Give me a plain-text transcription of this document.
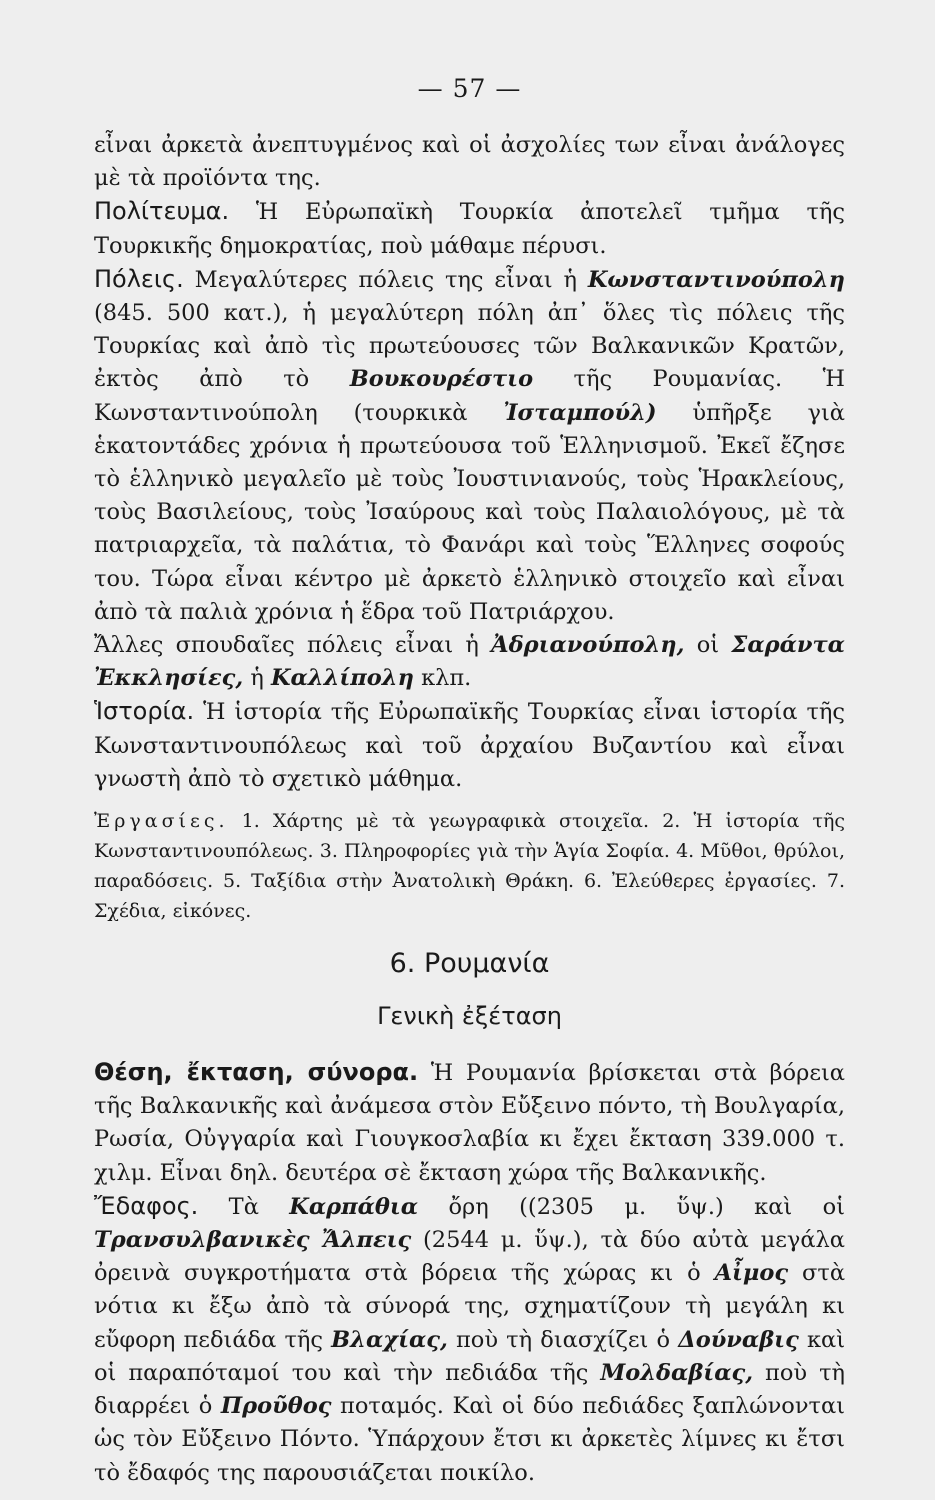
— 57 —

εἶναι ἀρκετὰ ἀνεπτυγμένος καὶ οἱ ἀσχολίες των εἶναι ἀνάλογες μὲ τὰ προϊόντα της.

Πολίτευμα. Ἡ Εὐρωπαϊκὴ Τουρκία ἀποτελεῖ τμῆμα τῆς Τουρκικῆς δημοκρατίας, ποὺ μάθαμε πέρυσι.

Πόλεις. Μεγαλύτερες πόλεις της εἶναι ἡ Κωνσταντινούπολη (845. 500 κατ.), ἡ μεγαλύτερη πόλη ἀπ᾿ ὅλες τὶς πόλεις τῆς Τουρκίας καὶ ἀπὸ τὶς πρωτεύουσες τῶν Βαλκανικῶν Κρατῶν, ἐκτὸς ἀπὸ τὸ Βουκουρέστιο τῆς Ρουμανίας. Ἡ Κωνσταντινούπολη (τουρκικὰ Ἰσταμπούλ) ὑπῆρξε γιὰ ἑκατοντάδες χρόνια ἡ πρωτεύουσα τοῦ Ἑλληνισμοῦ. Ἐκεῖ ἔζησε τὸ ἑλληνικὸ μεγαλεῖο μὲ τοὺς Ἰουστινιανούς, τοὺς Ἡρακλείους, τοὺς Βασιλείους, τοὺς Ἰσαύρους καὶ τοὺς Παλαιολόγους, μὲ τὰ πατριαρχεῖα, τὰ παλάτια, τὸ Φανάρι καὶ τοὺς Ἕλληνες σοφούς του. Τώρα εἶναι κέντρο μὲ ἀρκετὸ ἑλληνικὸ στοιχεῖο καὶ εἶναι ἀπὸ τὰ παλιὰ χρόνια ἡ ἕδρα τοῦ Πατριάρχου.

Ἄλλες σπουδαῖες πόλεις εἶναι ἡ Ἀδριανούπολη, οἱ Σαράντα Ἐκκλησίες, ἡ Καλλίπολη κλπ.

Ἱστορία. Ἡ ἱστορία τῆς Εὐρωπαϊκῆς Τουρκίας εἶναι ἱστορία τῆς Κωνσταντινουπόλεως καὶ τοῦ ἀρχαίου Βυζαντίου καὶ εἶναι γνωστὴ ἀπὸ τὸ σχετικὸ μάθημα.

Ἐργασίες. 1. Χάρτης μὲ τὰ γεωγραφικὰ στοιχεῖα. 2. Ἡ ἱστορία τῆς Κωνσταντινουπόλεως. 3. Πληροφορίες γιὰ τὴν Ἁγία Σοφία. 4. Μῦθοι, θρύλοι, παραδόσεις. 5. Ταξίδια στὴν Ἀνατολικὴ Θράκη. 6. Ἐλεύθερες ἐργασίες. 7. Σχέδια, εἰκόνες.

6. Ρουμανία
Γενικὴ ἐξέταση

Θέση, ἔκταση, σύνορα. Ἡ Ρουμανία βρίσκεται στὰ βόρεια τῆς Βαλκανικῆς καὶ ἀνάμεσα στὸν Εὔξεινο πόντο, τὴ Βουλγαρία, Ρωσία, Οὐγγαρία καὶ Γιουγκοσλαβία κι ἔχει ἔκταση 339.000 τ. χιλμ. Εἶναι δηλ. δευτέρα σὲ ἔκταση χώρα τῆς Βαλκανικῆς.

Ἔδαφος. Τὰ Καρπάθια ὄρη ((2305 μ. ὕψ.) καὶ οἱ Τρανσυλβανικὲς Ἄλπεις (2544 μ. ὕψ.), τὰ δύο αὐτὰ μεγάλα ὀρεινὰ συγκροτήματα στὰ βόρεια τῆς χώρας κι ὁ Αἶμος στὰ νότια κι ἔξω ἀπὸ τὰ σύνορά της, σχηματίζουν τὴ μεγάλη κι εὔφορη πεδιάδα τῆς Βλαχίας, ποὺ τὴ διασχίζει ὁ Δούναβις καὶ οἱ παραπόταμοί του καὶ τὴν πεδιάδα τῆς Μολδαβίας, ποὺ τὴ διαρρέει ὁ Προῦθος ποταμός. Καὶ οἱ δύο πεδιάδες ξαπλώνονται ὡς τὸν Εὔξεινο Πόντο. Ὑπάρχουν ἔτσι κι ἀρκετὲς λίμνες κι ἔτσι τὸ ἔδαφός της παρουσιάζεται ποικίλο.
